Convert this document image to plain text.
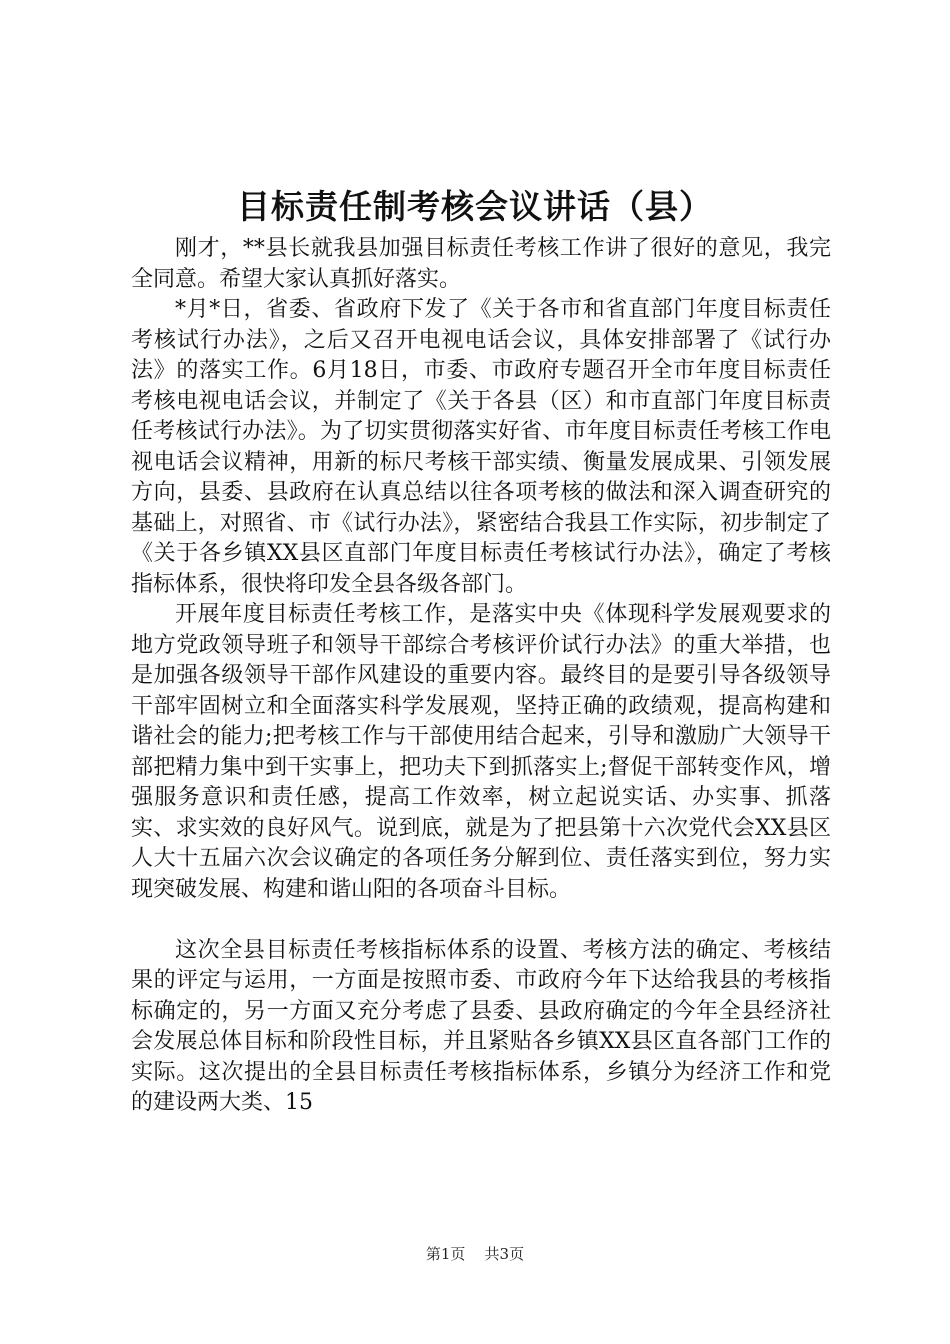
目标责任制考核会议讲话（县）

刚才，**县长就我县加强目标责任考核工作讲了很好的意见，我完全同意。希望大家认真抓好落实。

*月*日，省委、省政府下发了《关于各市和省直部门年度目标责任考核试行办法》，之后又召开电视电话会议，具体安排部署了《试行办法》的落实工作。6月18日，市委、市政府专题召开全市年度目标责任考核电视电话会议，并制定了《关于各县（区）和市直部门年度目标责任考核试行办法》。为了切实贯彻落实好省、市年度目标责任考核工作电视电话会议精神，用新的标尺考核干部实绩、衡量发展成果、引领发展方向，县委、县政府在认真总结以往各项考核的做法和深入调查研究的基础上，对照省、市《试行办法》，紧密结合我县工作实际，初步制定了《关于各乡镇XX县区直部门年度目标责任考核试行办法》，确定了考核指标体系，很快将印发全县各级各部门。

开展年度目标责任考核工作，是落实中央《体现科学发展观要求的地方党政领导班子和领导干部综合考核评价试行办法》的重大举措，也是加强各级领导干部作风建设的重要内容。最终目的是要引导各级领导干部牢固树立和全面落实科学发展观，坚持正确的政绩观，提高构建和谐社会的能力;把考核工作与干部使用结合起来，引导和激励广大领导干部把精力集中到干实事上，把功夫下到抓落实上;督促干部转变作风，增强服务意识和责任感，提高工作效率，树立起说实话、办实事、抓落实、求实效的良好风气。说到底，就是为了把县第十六次党代会XX县区人大十五届六次会议确定的各项任务分解到位、责任落实到位，努力实现突破发展、构建和谐山阳的各项奋斗目标。

这次全县目标责任考核指标体系的设置、考核方法的确定、考核结果的评定与运用，一方面是按照市委、市政府今年下达给我县的考核指标确定的，另一方面又充分考虑了县委、县政府确定的今年全县经济社会发展总体目标和阶段性目标，并且紧贴各乡镇XX县区直各部门工作的实际。这次提出的全县目标责任考核指标体系，乡镇分为经济工作和党的建设两大类、15

第1页 共3页
